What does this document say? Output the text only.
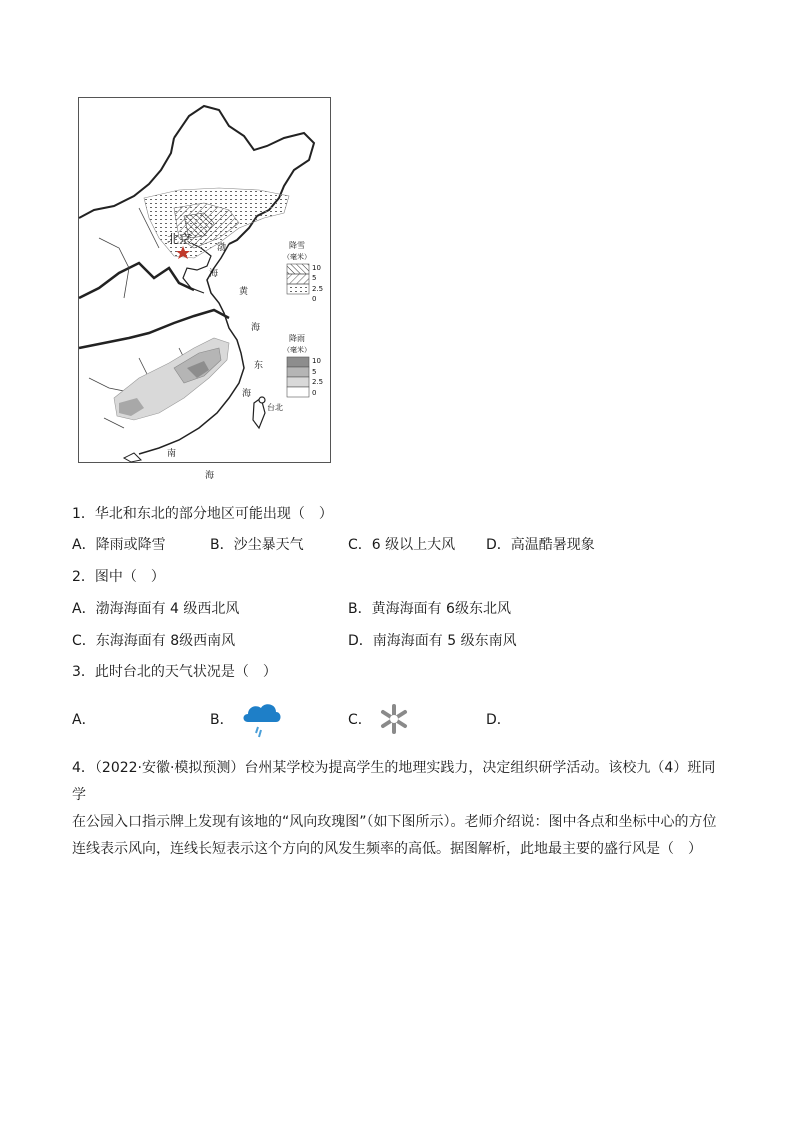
北京
台北
渤
海
黄
海
东
海
南
海
降雪
（毫米）
10
5
2.5
0
降雨
（毫米）
10
5
2.5
0
1．华北和东北的部分地区可能出现（　）
A．降雨或降雪	B．沙尘暴天气	C．6 级以上大风 D．高温酷暑现象
2．图中（　）
A．渤海海面有 4 级西北风	B．黄海海面有 6级东北风
C．东海海面有 8级西南风	D．南海海面有 5 级东南风
3．此时台北的天气状况是（　）
A．	B．	C．	D．
4．（2022·安徽·模拟预测）台州某学校为提高学生的地理实践力，决定组织研学活动。该校九（4）班同学
在公园入口指示牌上发现有该地的“风向玫瑰图”（如下图所示）。老师介绍说：图中各点和坐标中心的方位
连线表示风向，连线长短表示这个方向的风发生频率的高低。据图解析，此地最主要的盛行风是（　）
